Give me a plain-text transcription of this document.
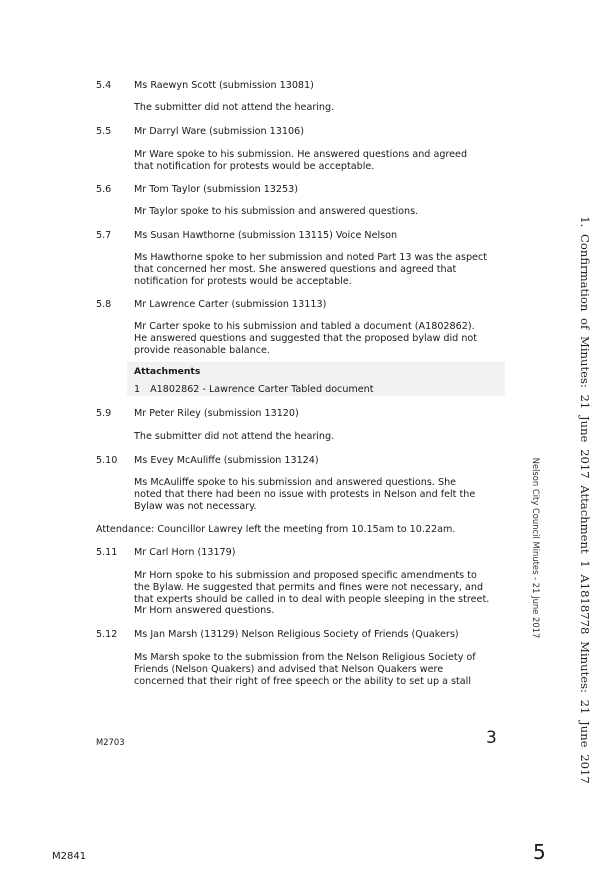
5.4 Ms Raewyn Scott (submission 13081)
The submitter did not attend the hearing.
5.5 Mr Darryl Ware (submission 13106)
Mr Ware spoke to his submission. He answered questions and agreed
that notification for protests would be acceptable.
5.6 Mr Tom Taylor (submission 13253)
Mr Taylor spoke to his submission and answered questions.
5.7 Ms Susan Hawthorne (submission 13115) Voice Nelson
Ms Hawthorne spoke to her submission and noted Part 13 was the aspect
that concerned her most. She answered questions and agreed that
notification for protests would be acceptable.
5.8 Mr Lawrence Carter (submission 13113)
Mr Carter spoke to his submission and tabled a document (A1802862).
He answered questions and suggested that the proposed bylaw did not
provide reasonable balance.
Attachments
1 A1802862 - Lawrence Carter Tabled document
5.9 Mr Peter Riley (submission 13120)
The submitter did not attend the hearing.
5.10 Ms Evey McAuliffe (submission 13124)
Ms McAuliffe spoke to his submission and answered questions. She
noted that there had been no issue with protests in Nelson and felt the
Bylaw was not necessary.
Attendance: Councillor Lawrey left the meeting from 10.15am to 10.22am.
5.11 Mr Carl Horn (13179)
Mr Horn spoke to his submission and proposed specific amendments to
the Bylaw. He suggested that permits and fines were not necessary, and
that experts should be called in to deal with people sleeping in the street.
Mr Horn answered questions.
5.12 Ms Jan Marsh (13129) Nelson Religious Society of Friends (Quakers)
Ms Marsh spoke to the submission from the Nelson Religious Society of
Friends (Nelson Quakers) and advised that Nelson Quakers were
concerned that their right of free speech or the ability to set up a stall
M2703	3
Nelson City Council Minutes - 21 June 2017	1. Confirmation of Minutes: 21 June 2017 Attachment 1 A1818778 Minutes: 21 June 2017
M2841	5
